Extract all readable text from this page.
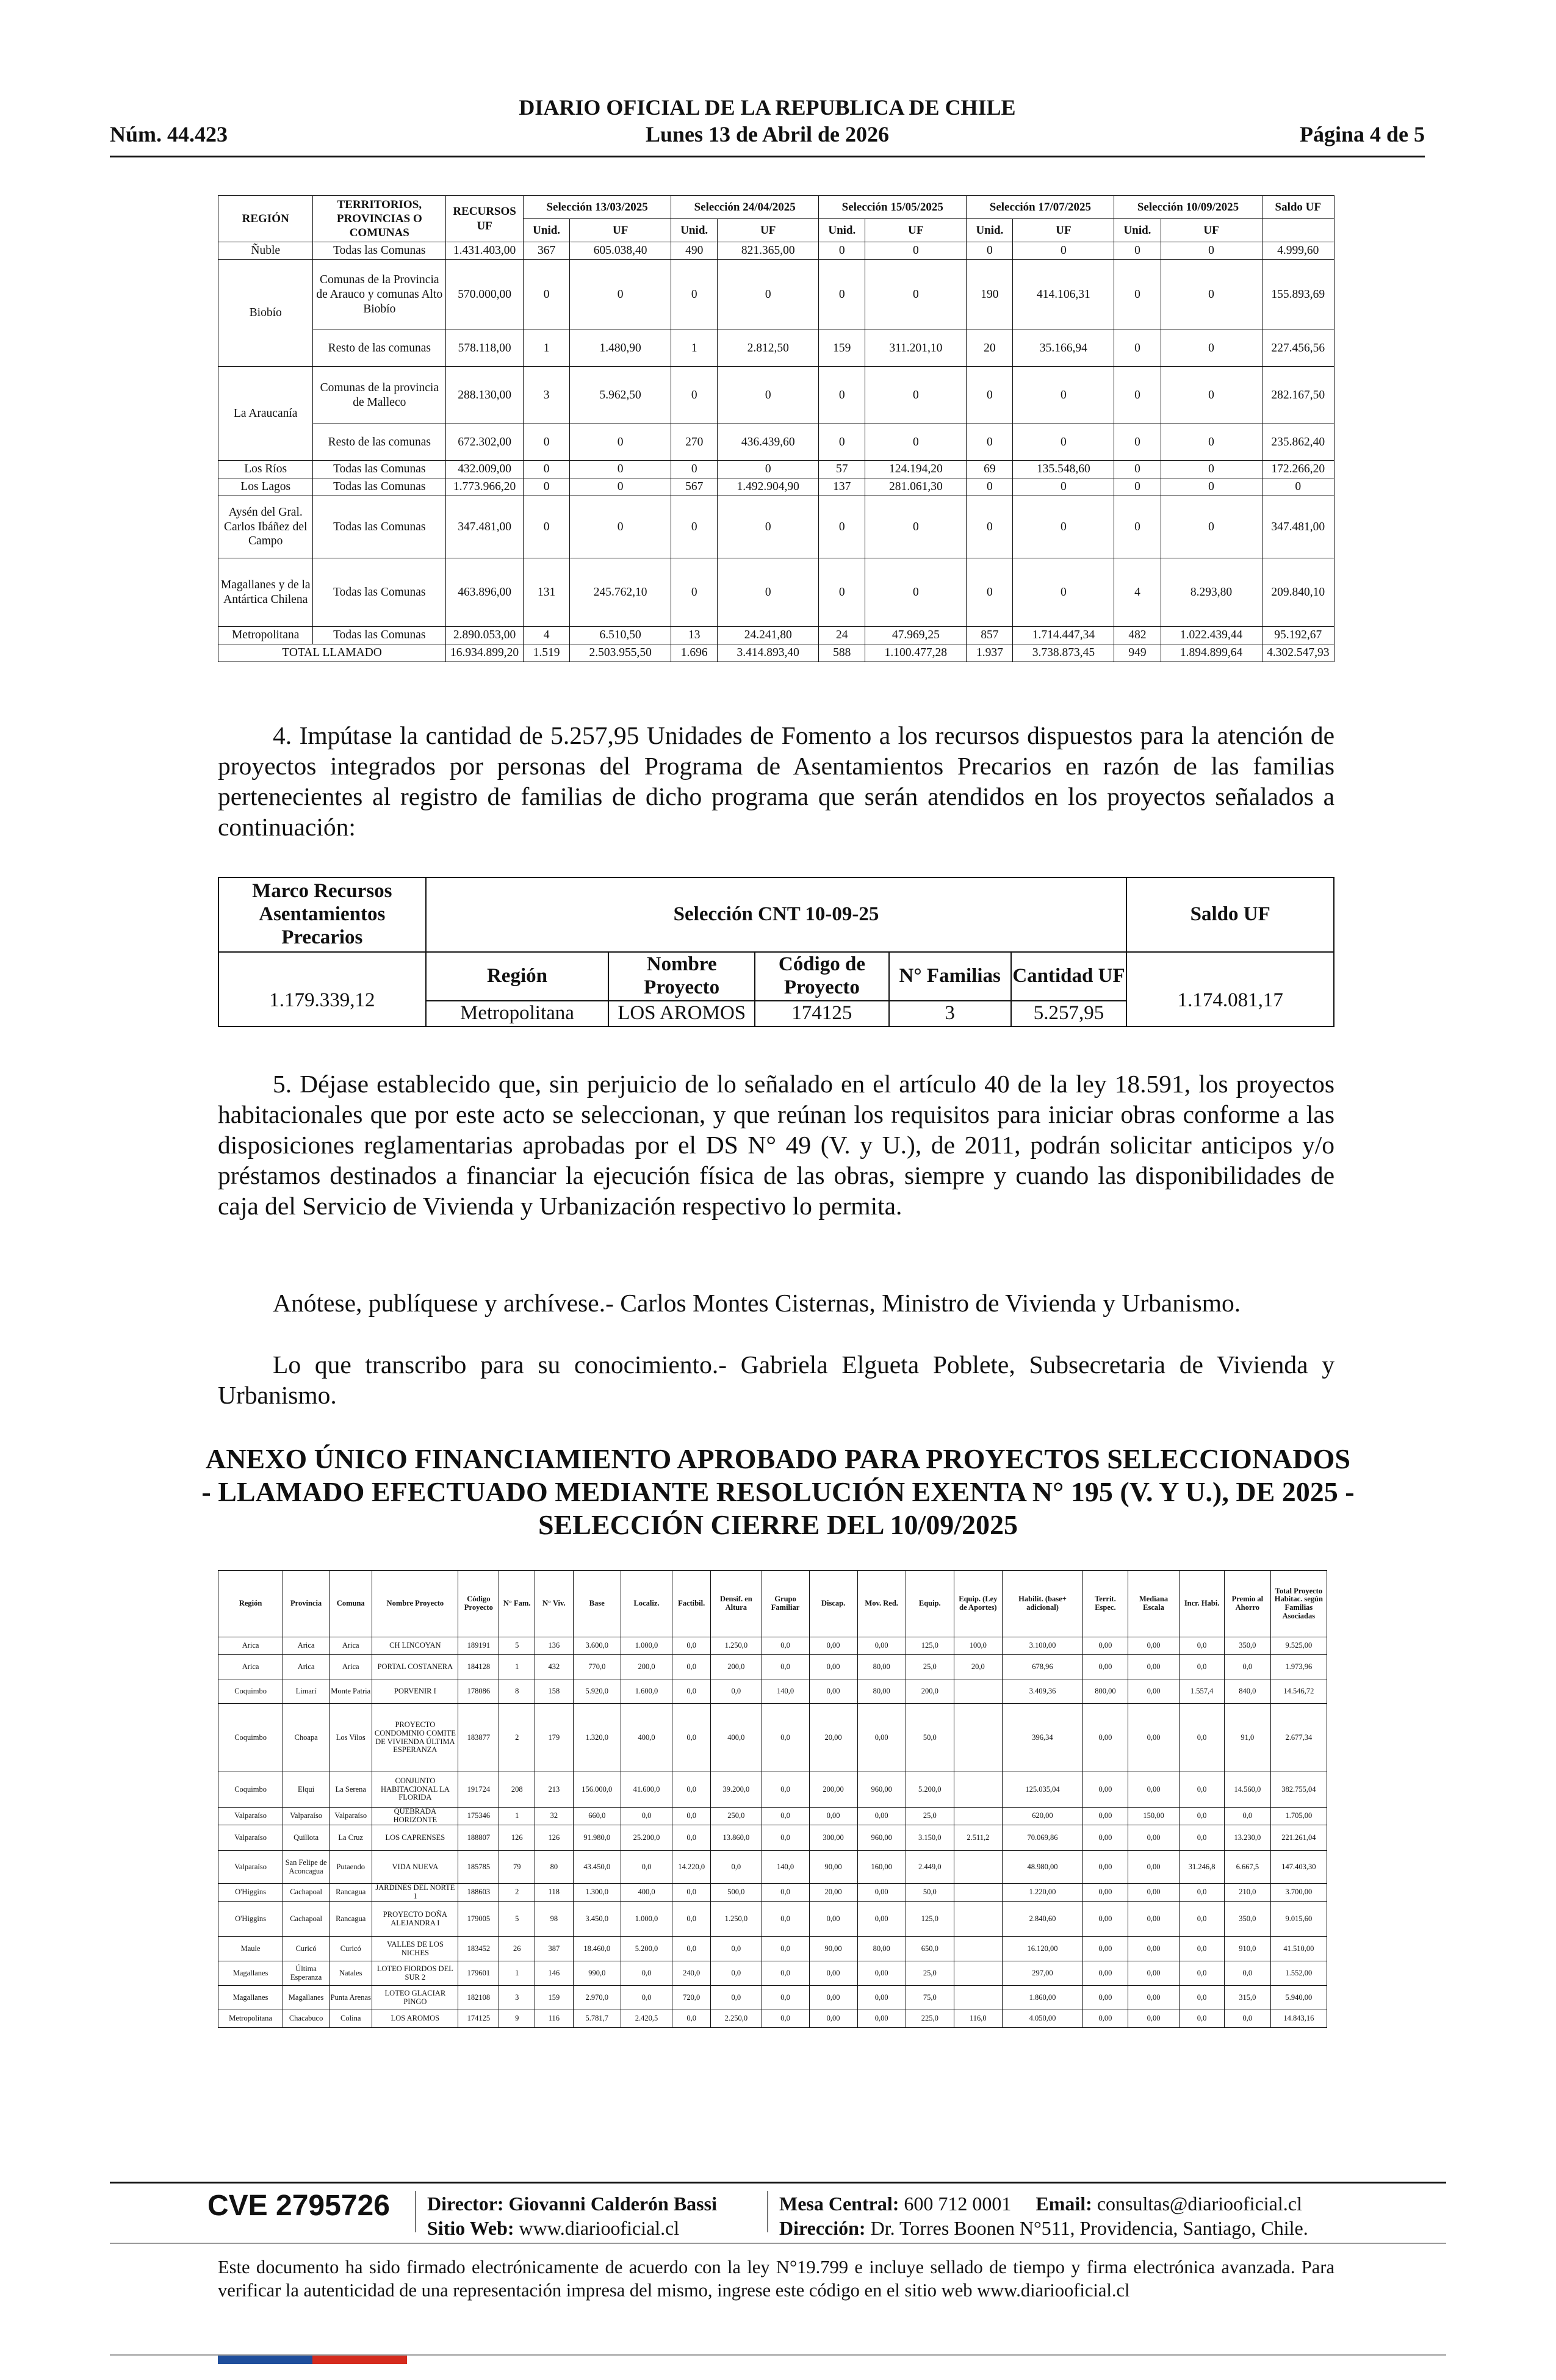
DIARIO OFICIAL DE LA REPUBLICA DE CHILE
Núm. 44.423	Lunes 13 de Abril de 2026	Página 4 de 5
REGIÓN	TERRITORIOS, PROVINCIAS O COMUNAS	RECURSOS UF	Selección 13/03/2025		Selección 24/04/2025		Selección 15/05/2025		Selección 17/07/2025		Selección 10/09/2025		Saldo UF
			Unid.	UF	Unid.	UF	Unid.	UF	Unid.	UF	Unid.	UF	
Ñuble	Todas las Comunas	1.431.403,00	367	605.038,40	490	821.365,00	0	0	0	0	0	0	4.999,60
Biobío	Comunas de la Provincia de Arauco y comunas Alto Biobío	570.000,00	0	0	0	0	0	0	190	414.106,31	0	0	155.893,69
	Resto de las comunas	578.118,00	1	1.480,90	1	2.812,50	159	311.201,10	20	35.166,94	0	0	227.456,56
La Araucanía	Comunas de la provincia de Malleco	288.130,00	3	5.962,50	0	0	0	0	0	0	0	0	282.167,50
	Resto de las comunas	672.302,00	0	0	270	436.439,60	0	0	0	0	0	0	235.862,40
Los Ríos	Todas las Comunas	432.009,00	0	0	0	0	57	124.194,20	69	135.548,60	0	0	172.266,20
Los Lagos	Todas las Comunas	1.773.966,20	0	0	567	1.492.904,90	137	281.061,30	0	0	0	0	0
Aysén del Gral. Carlos Ibáñez del Campo	Todas las Comunas	347.481,00	0	0	0	0	0	0	0	0	0	0	347.481,00
Magallanes y de la Antártica Chilena	Todas las Comunas	463.896,00	131	245.762,10	0	0	0	0	0	0	4	8.293,80	209.840,10
Metropolitana	Todas las Comunas	2.890.053,00	4	6.510,50	13	24.241,80	24	47.969,25	857	1.714.447,34	482	1.022.439,44	95.192,67
TOTAL LLAMADO		16.934.899,20	1.519	2.503.955,50	1.696	3.414.893,40	588	1.100.477,28	1.937	3.738.873,45	949	1.894.899,64	4.302.547,93
4. Impútase la cantidad de 5.257,95 Unidades de Fomento a los recursos dispuestos para la atención de proyectos integrados por personas del Programa de Asentamientos Precarios en razón de las familias pertenecientes al registro de familias de dicho programa que serán atendidos en los proyectos señalados a continuación:
Marco Recursos Asentamientos Precarios	Selección CNT 10-09-25					Saldo UF
1.179.339,12	Región	Nombre Proyecto	Código de Proyecto	N° Familias	Cantidad UF	1.174.081,17
	Metropolitana	LOS AROMOS	174125	3	5.257,95	
5. Déjase establecido que, sin perjuicio de lo señalado en el artículo 40 de la ley 18.591, los proyectos habitacionales que por este acto se seleccionan, y que reúnan los requisitos para iniciar obras conforme a las disposiciones reglamentarias aprobadas por el DS N° 49 (V. y U.), de 2011, podrán solicitar anticipos y/o préstamos destinados a financiar la ejecución física de las obras, siempre y cuando las disponibilidades de caja del Servicio de Vivienda y Urbanización respectivo lo permita.
Anótese, publíquese y archívese.- Carlos Montes Cisternas, Ministro de Vivienda y Urbanismo.
Lo que transcribo para su conocimiento.- Gabriela Elgueta Poblete, Subsecretaria de Vivienda y Urbanismo.
ANEXO ÚNICO FINANCIAMIENTO APROBADO PARA PROYECTOS SELECCIONADOS - LLAMADO EFECTUADO MEDIANTE RESOLUCIÓN EXENTA N° 195 (V. Y U.), DE 2025 - SELECCIÓN CIERRE DEL 10/09/2025
Región	Provincia	Comuna	Nombre Proyecto	Código Proyecto	N° Fam.	N° Viv.	Base	Localiz.	Factibil.	Densif. en Altura	Grupo Familiar	Discap.	Mov. Red.	Equip.	Equip. (Ley de Aportes)	Habilit. (base+ adicional)	Territ. Espec.	Mediana Escala	Incr. Habi.	Premio al Ahorro	Total Proyecto Habitac. según Familias Asociadas
Arica	Arica	Arica	CH LINCOYAN	189191	5	136	3.600,0	1.000,0	0,0	1.250,0	0,0	0,00	0,00	125,0	100,0	3.100,00	0,00	0,00	0,0	350,0	9.525,00
Arica	Arica	Arica	PORTAL COSTANERA	184128	1	432	770,0	200,0	0,0	200,0	0,0	0,00	80,00	25,0	20,0	678,96	0,00	0,00	0,0	0,0	1.973,96
Coquimbo	Limarí	Monte Patria	PORVENIR I	178086	8	158	5.920,0	1.600,0	0,0	0,0	140,0	0,00	80,00	200,0		3.409,36	800,00	0,00	1.557,4	840,0	14.546,72
Coquimbo	Choapa	Los Vilos	PROYECTO CONDOMINIO COMITE DE VIVIENDA ÚLTIMA ESPERANZA	183877	2	179	1.320,0	400,0	0,0	400,0	0,0	20,00	0,00	50,0		396,34	0,00	0,00	0,0	91,0	2.677,34
Coquimbo	Elqui	La Serena	CONJUNTO HABITACIONAL LA FLORIDA	191724	208	213	156.000,0	41.600,0	0,0	39.200,0	0,0	200,00	960,00	5.200,0		125.035,04	0,00	0,00	0,0	14.560,0	382.755,04
Valparaíso	Valparaíso	Valparaíso	QUEBRADA HORIZONTE	175346	1	32	660,0	0,0	0,0	250,0	0,0	0,00	0,00	25,0		620,00	0,00	150,00	0,0	0,0	1.705,00
Valparaíso	Quillota	La Cruz	LOS CAPRENSES	188807	126	126	91.980,0	25.200,0	0,0	13.860,0	0,0	300,00	960,00	3.150,0	2.511,2	70.069,86	0,00	0,00	0,0	13.230,0	221.261,04
Valparaíso	San Felipe de Aconcagua	Putaendo	VIDA NUEVA	185785	79	80	43.450,0	0,0	14.220,0	0,0	140,0	90,00	160,00	2.449,0		48.980,00	0,00	0,00	31.246,8	6.667,5	147.403,30
O'Higgins	Cachapoal	Rancagua	JARDINES DEL NORTE 1	188603	2	118	1.300,0	400,0	0,0	500,0	0,0	20,00	0,00	50,0		1.220,00	0,00	0,00	0,0	210,0	3.700,00
O'Higgins	Cachapoal	Rancagua	PROYECTO DOÑA ALEJANDRA I	179005	5	98	3.450,0	1.000,0	0,0	1.250,0	0,0	0,00	0,00	125,0		2.840,60	0,00	0,00	0,0	350,0	9.015,60
Maule	Curicó	Curicó	VALLES DE LOS NICHES	183452	26	387	18.460,0	5.200,0	0,0	0,0	0,0	90,00	80,00	650,0		16.120,00	0,00	0,00	0,0	910,0	41.510,00
Magallanes	Última Esperanza	Natales	LOTEO FIORDOS DEL SUR 2	179601	1	146	990,0	0,0	240,0	0,0	0,0	0,00	0,00	25,0		297,00	0,00	0,00	0,0	0,0	1.552,00
Magallanes	Magallanes	Punta Arenas	LOTEO GLACIAR PINGO	182108	3	159	2.970,0	0,0	720,0	0,0	0,0	0,00	0,00	75,0		1.860,00	0,00	0,00	0,0	315,0	5.940,00
Metropolitana	Chacabuco	Colina	LOS AROMOS	174125	9	116	5.781,7	2.420,5	0,0	2.250,0	0,0	0,00	0,00	225,0	116,0	4.050,00	0,00	0,00	0,0	0,0	14.843,16
CVE 2795726 Director: Giovanni Calderón Bassi
Sitio Web: www.diariooficial.cl
Mesa Central: 600 712 0001 Email: consultas@diariooficial.cl
Dirección: Dr. Torres Boonen N°511, Providencia, Santiago, Chile.
Este documento ha sido firmado electrónicamente de acuerdo con la ley N°19.799 e incluye sellado de tiempo y firma electrónica avanzada. Para verificar la autenticidad de una representación impresa del mismo, ingrese este código en el sitio web www.diariooficial.cl
